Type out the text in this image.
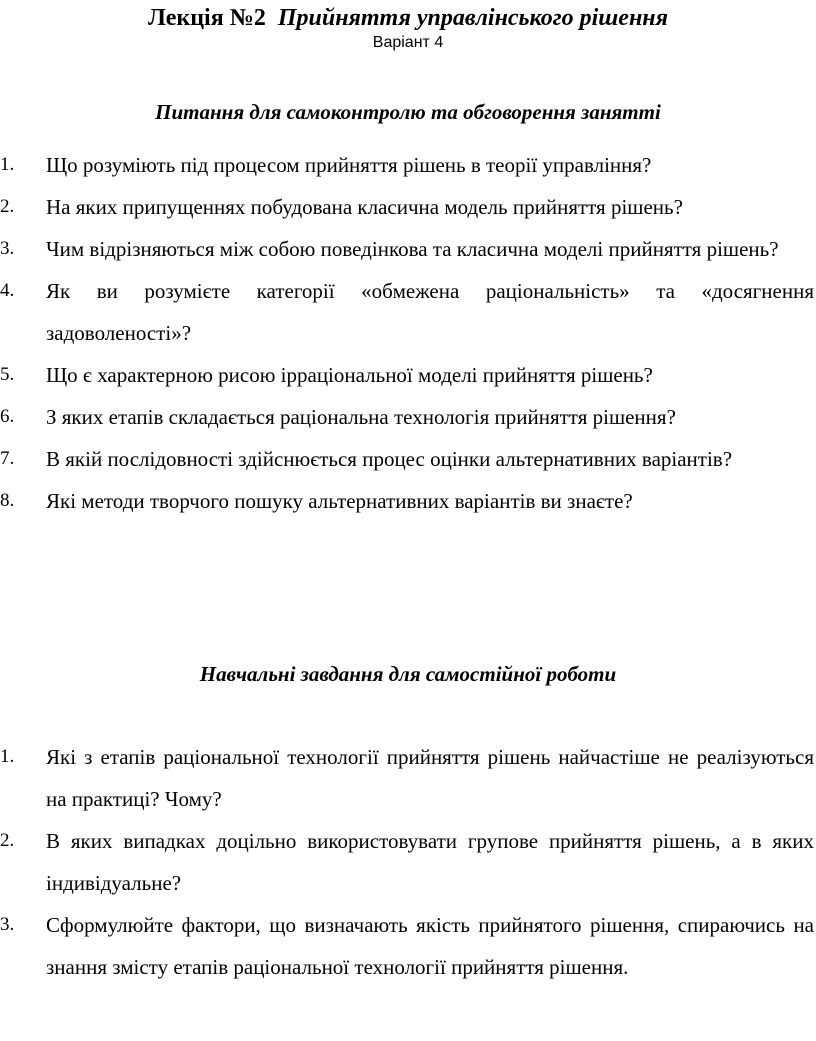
Лекція №2 Прийняття управлінського рішення
Варіант 4
Питання для самоконтролю та обговорення занятті
1.	Що розуміють під процесом прийняття рішень в теорії управління?
2.	На яких припущеннях побудована класична модель прийняття рішень?
3.	Чим відрізняються між собою поведінкова та класична моделі прийняття рішень?
4.	Як ви розумієте категорії «обмежена раціональність» та «досягнення задоволеності»?
5.	Що є характерною рисою ірраціональної моделі прийняття рішень?
6.	З яких етапів складається раціональна технологія прийняття рішення?
7.	В якій послідовності здійснюється процес оцінки альтернативних варіантів?
8.	Які методи творчого пошуку альтернативних варіантів ви знаєте?
Навчальні завдання для самостійної роботи
1.	Які з етапів раціональної технології прийняття рішень найчастіше не реалізуються на практиці? Чому?
2.	В яких випадках доцільно використовувати групове прийняття рішень, а в яких індивідуальне?
3.	Сформулюйте фактори, що визначають якість прийнятого рішення, спираючись на знання змісту етапів раціональної технології прийняття рішення.
